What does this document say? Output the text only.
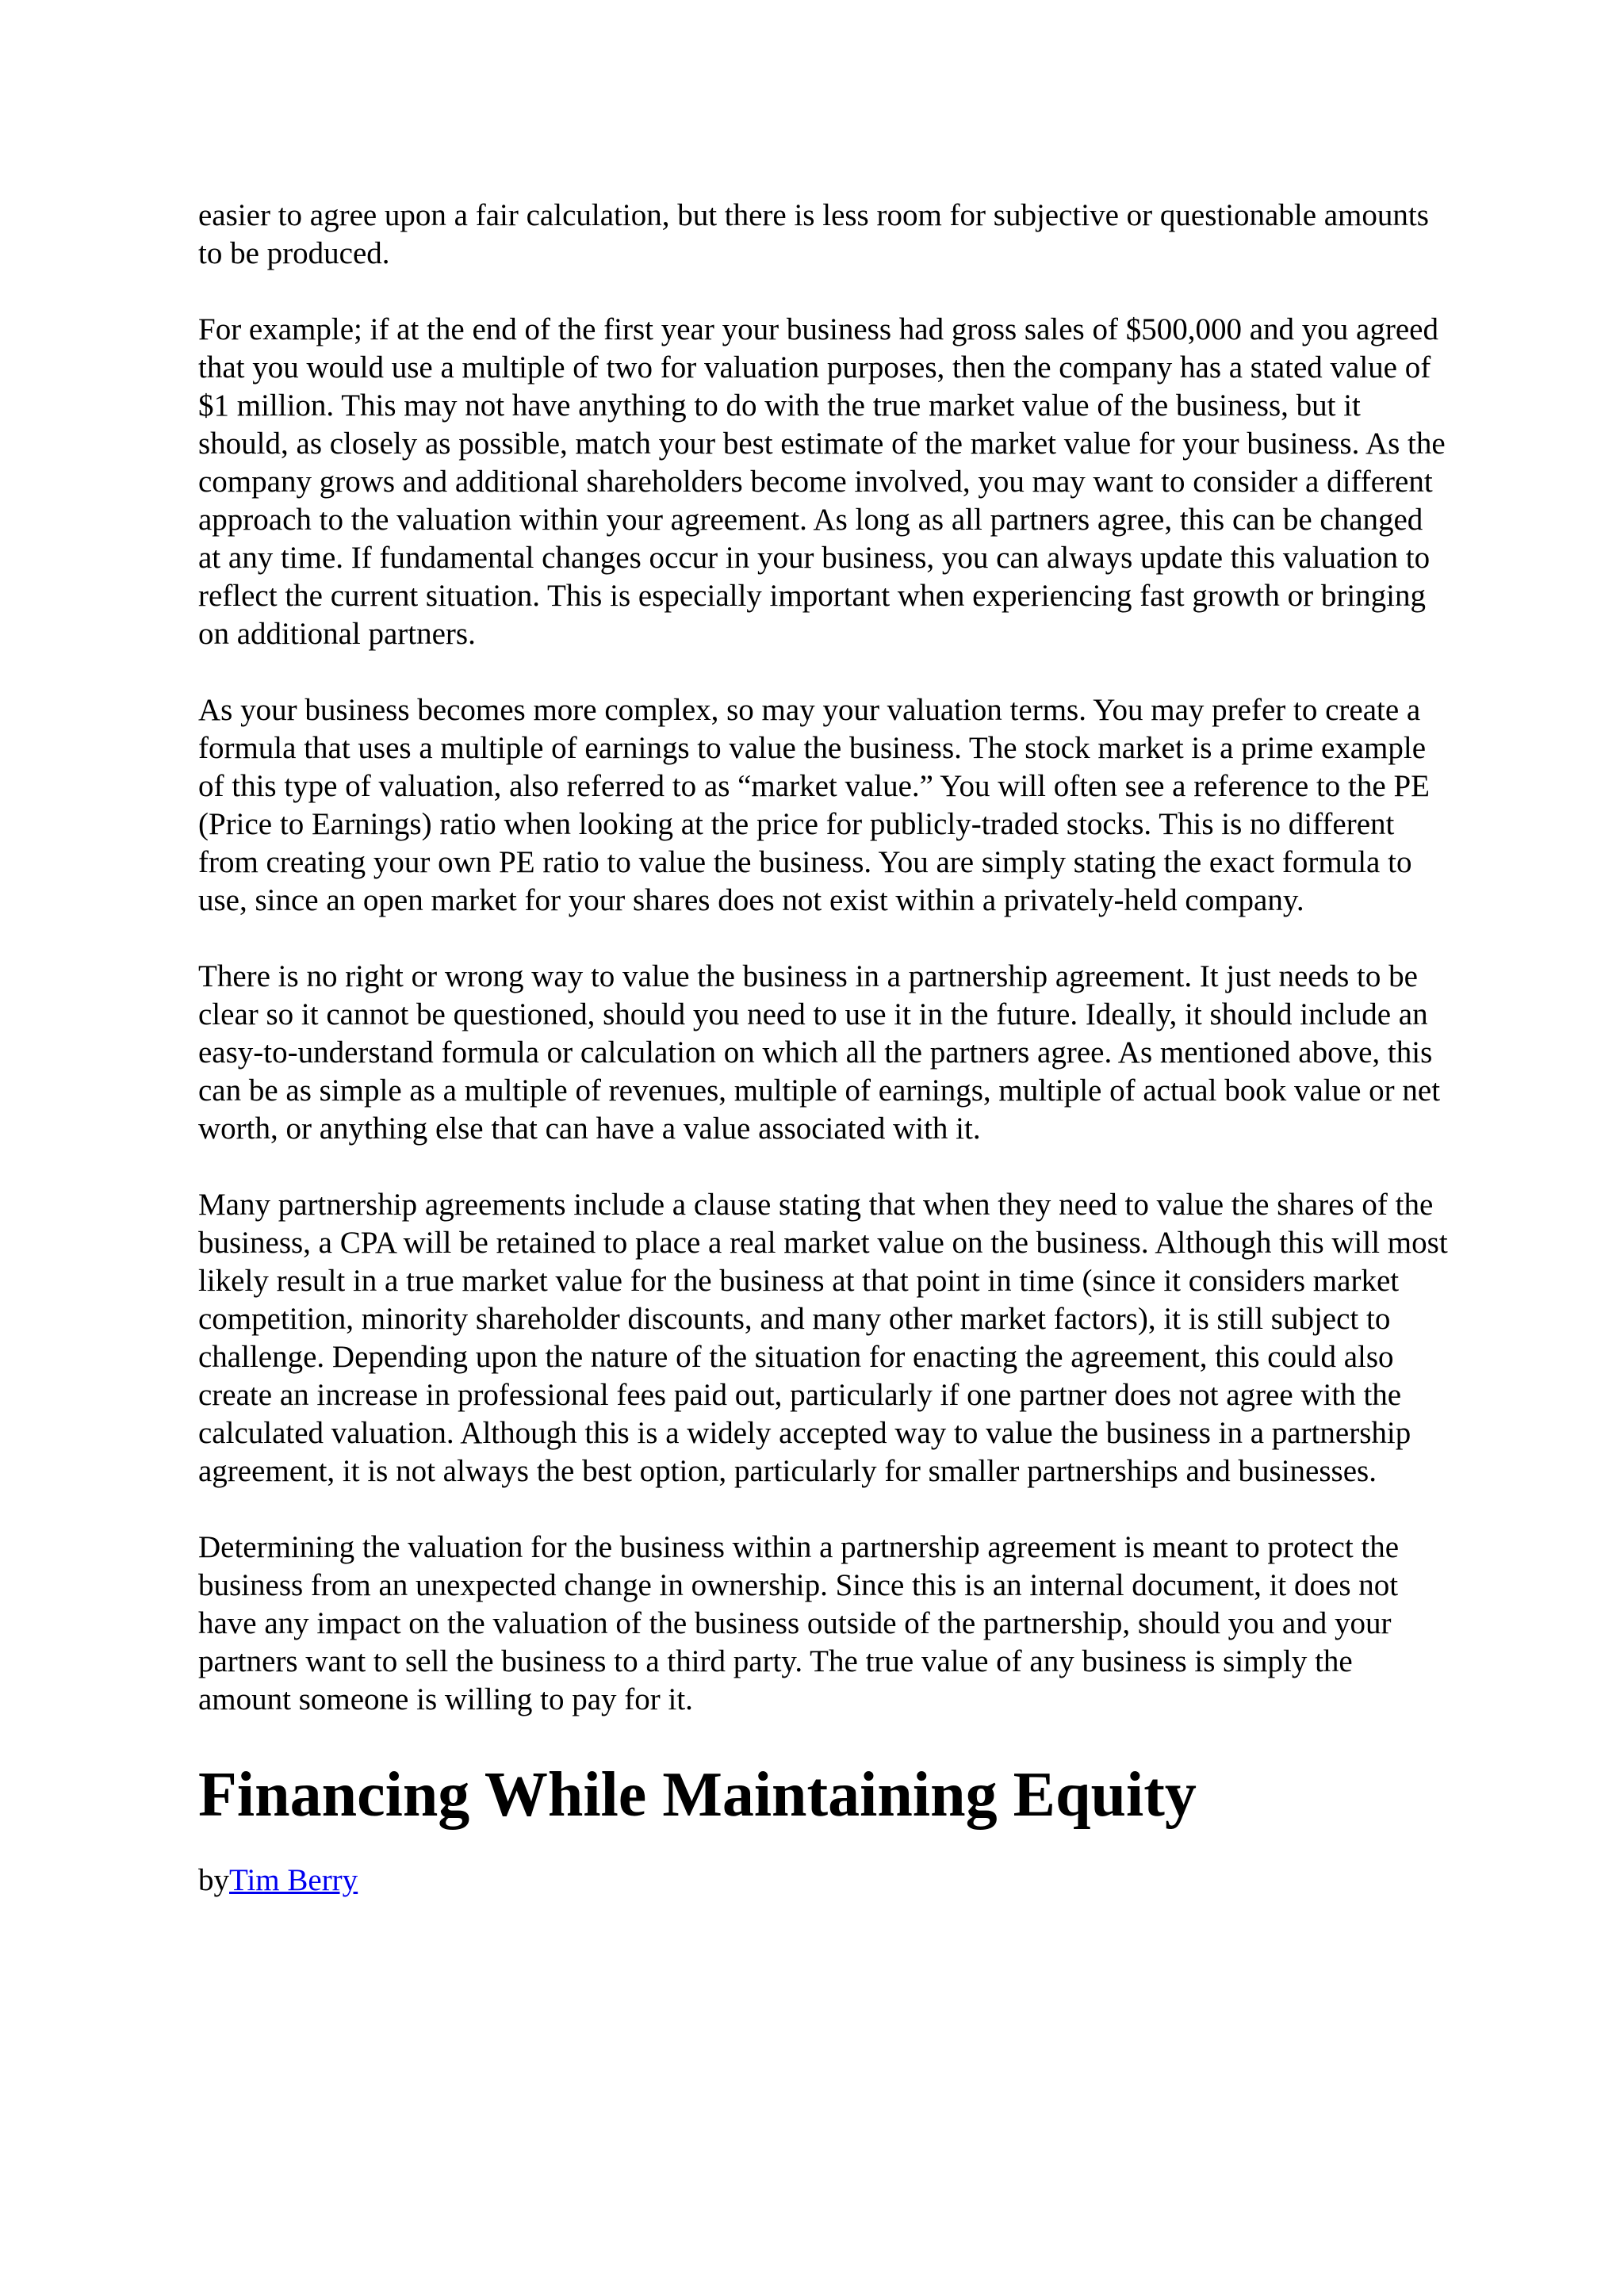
easier to agree upon a fair calculation, but there is less room for subjective or questionable amounts to be produced.

For example; if at the end of the first year your business had gross sales of $500,000 and you agreed that you would use a multiple of two for valuation purposes, then the company has a stated value of $1 million. This may not have anything to do with the true market value of the business, but it should, as closely as possible, match your best estimate of the market value for your business. As the company grows and additional shareholders become involved, you may want to consider a different approach to the valuation within your agreement. As long as all partners agree, this can be changed at any time. If fundamental changes occur in your business, you can always update this valuation to reflect the current situation. This is especially important when experiencing fast growth or bringing on additional partners.

As your business becomes more complex, so may your valuation terms. You may prefer to create a formula that uses a multiple of earnings to value the business. The stock market is a prime example of this type of valuation, also referred to as “market value.” You will often see a reference to the PE (Price to Earnings) ratio when looking at the price for publicly-traded stocks. This is no different from creating your own PE ratio to value the business. You are simply stating the exact formula to use, since an open market for your shares does not exist within a privately-held company.

There is no right or wrong way to value the business in a partnership agreement. It just needs to be clear so it cannot be questioned, should you need to use it in the future. Ideally, it should include an easy-to-understand formula or calculation on which all the partners agree. As mentioned above, this can be as simple as a multiple of revenues, multiple of earnings, multiple of actual book value or net worth, or anything else that can have a value associated with it.

Many partnership agreements include a clause stating that when they need to value the shares of the business, a CPA will be retained to place a real market value on the business. Although this will most likely result in a true market value for the business at that point in time (since it considers market competition, minority shareholder discounts, and many other market factors), it is still subject to challenge. Depending upon the nature of the situation for enacting the agreement, this could also create an increase in professional fees paid out, particularly if one partner does not agree with the calculated valuation. Although this is a widely accepted way to value the business in a partnership agreement, it is not always the best option, particularly for smaller partnerships and businesses.

Determining the valuation for the business within a partnership agreement is meant to protect the business from an unexpected change in ownership. Since this is an internal document, it does not have any impact on the valuation of the business outside of the partnership, should you and your partners want to sell the business to a third party. The true value of any business is simply the amount someone is willing to pay for it.

Financing While Maintaining Equity

byTim Berry
